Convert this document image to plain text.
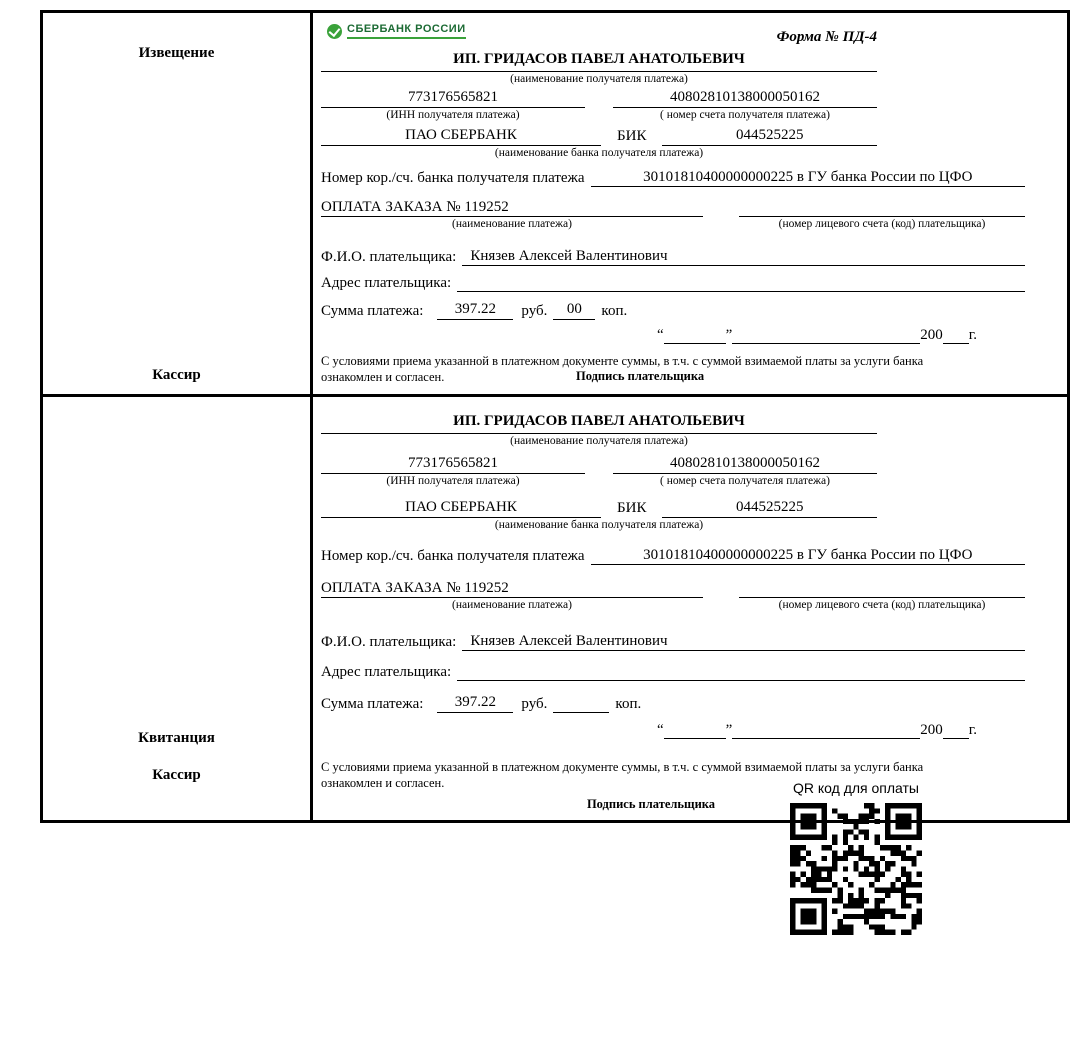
Извещение
Кассир
СБЕРБАНК РОССИИ	Форма № ПД-4
ИП. ГРИДАСОВ ПАВЕЛ АНАТОЛЬЕВИЧ
(наименование получателя платежа)
773176565821
(ИНН получателя платежа)
40802810138000050162
( номер счета получателя платежа)
ПАО СБЕРБАНК	БИК	044525225
(наименование банка получателя платежа)
Номер кор./сч. банка получателя платежа	30101810400000000225 в ГУ банка России по ЦФО
ОПЛАТА ЗАКАЗА № 119252
(наименование платежа)	(номер лицевого счета (код) плательщика)
Ф.И.О. плательщика: Князев Алексей Валентинович
Адрес плательщика:
Сумма платежа:	397.22	руб.	00	коп.
“	”	200 г.
С условиями приема указанной в платежном документе суммы, в т.ч. с суммой взимаемой платы за услуги банка ознакомлен и согласен.	Подпись плательщика
Квитанция
Кассир
ИП. ГРИДАСОВ ПАВЕЛ АНАТОЛЬЕВИЧ
(наименование получателя платежа)
773176565821
(ИНН получателя платежа)
40802810138000050162
( номер счета получателя платежа)
ПАО СБЕРБАНК	БИК	044525225
(наименование банка получателя платежа)
Номер кор./сч. банка получателя платежа	30101810400000000225 в ГУ банка России по ЦФО
ОПЛАТА ЗАКАЗА № 119252
(наименование платежа)	(номер лицевого счета (код) плательщика)
Ф.И.О. плательщика: Князев Алексей Валентинович
Адрес плательщика:
Сумма платежа:	397.22	руб.	коп.
“	”	200 г.
С условиями приема указанной в платежном документе суммы, в т.ч. с суммой взимаемой платы за услуги банка ознакомлен и согласен.
Подпись плательщика
QR код для оплаты
